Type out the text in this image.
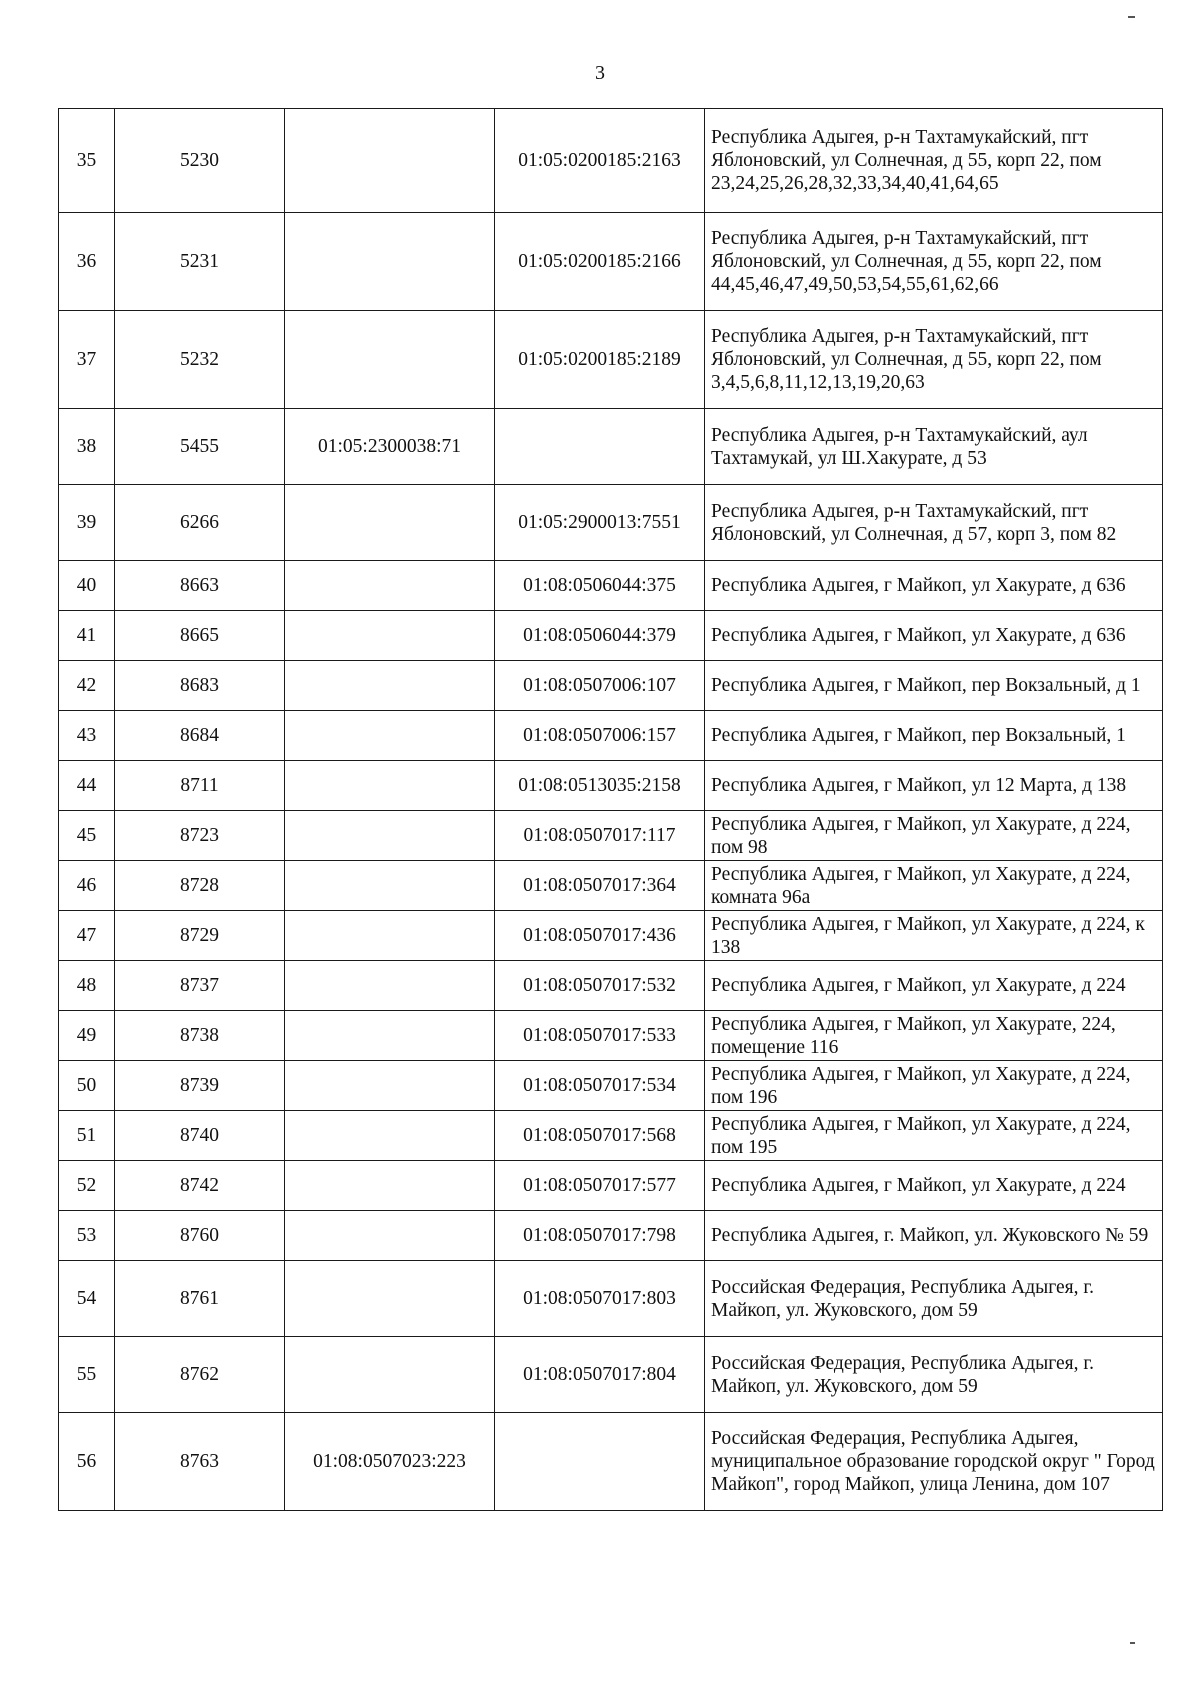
3
35	5230		01:05:0200185:2163	Республика Адыгея, р-н Тахтамукайский, пгт Яблоновский, ул Солнечная, д 55, корп 22, пом 23,24,25,26,28,32,33,34,40,41,64,65
36	5231		01:05:0200185:2166	Республика Адыгея, р-н Тахтамукайский, пгт Яблоновский, ул Солнечная, д 55, корп 22, пом 44,45,46,47,49,50,53,54,55,61,62,66
37	5232		01:05:0200185:2189	Республика Адыгея, р-н Тахтамукайский, пгт Яблоновский, ул Солнечная, д 55, корп 22, пом 3,4,5,6,8,11,12,13,19,20,63
38	5455	01:05:2300038:71		Республика Адыгея, р-н Тахтамукайский, аул Тахтамукай, ул Ш.Хакурате, д 53
39	6266		01:05:2900013:7551	Республика Адыгея, р-н Тахтамукайский, пгт Яблоновский, ул Солнечная, д 57, корп 3, пом 82
40	8663		01:08:0506044:375	Республика Адыгея, г Майкоп, ул Хакурате, д 636
41	8665		01:08:0506044:379	Республика Адыгея, г Майкоп, ул Хакурате, д 636
42	8683		01:08:0507006:107	Республика Адыгея, г Майкоп, пер Вокзальный, д 1
43	8684		01:08:0507006:157	Республика Адыгея, г Майкоп, пер Вокзальный, 1
44	8711		01:08:0513035:2158	Республика Адыгея, г Майкоп, ул 12 Марта, д 138
45	8723		01:08:0507017:117	Республика Адыгея, г Майкоп, ул Хакурате, д 224, пом 98
46	8728		01:08:0507017:364	Республика Адыгея, г Майкоп, ул Хакурате, д 224, комната 96а
47	8729		01:08:0507017:436	Республика Адыгея, г Майкоп, ул Хакурате, д 224, к 138
48	8737		01:08:0507017:532	Республика Адыгея, г Майкоп, ул Хакурате, д 224
49	8738		01:08:0507017:533	Республика Адыгея, г Майкоп, ул Хакурате, 224, помещение 116
50	8739		01:08:0507017:534	Республика Адыгея, г Майкоп, ул Хакурате, д 224, пом 196
51	8740		01:08:0507017:568	Республика Адыгея, г Майкоп, ул Хакурате, д 224, пом 195
52	8742		01:08:0507017:577	Республика Адыгея, г Майкоп, ул Хакурате, д 224
53	8760		01:08:0507017:798	Республика Адыгея, г. Майкоп, ул. Жуковского № 59
54	8761		01:08:0507017:803	Российская Федерация, Республика Адыгея, г. Майкоп, ул. Жуковского, дом 59
55	8762		01:08:0507017:804	Российская Федерация, Республика Адыгея, г. Майкоп, ул. Жуковского, дом 59
56	8763	01:08:0507023:223		Российская Федерация, Республика Адыгея, муниципальное образование городской округ " Город Майкоп", город Майкоп, улица Ленина, дом 107
